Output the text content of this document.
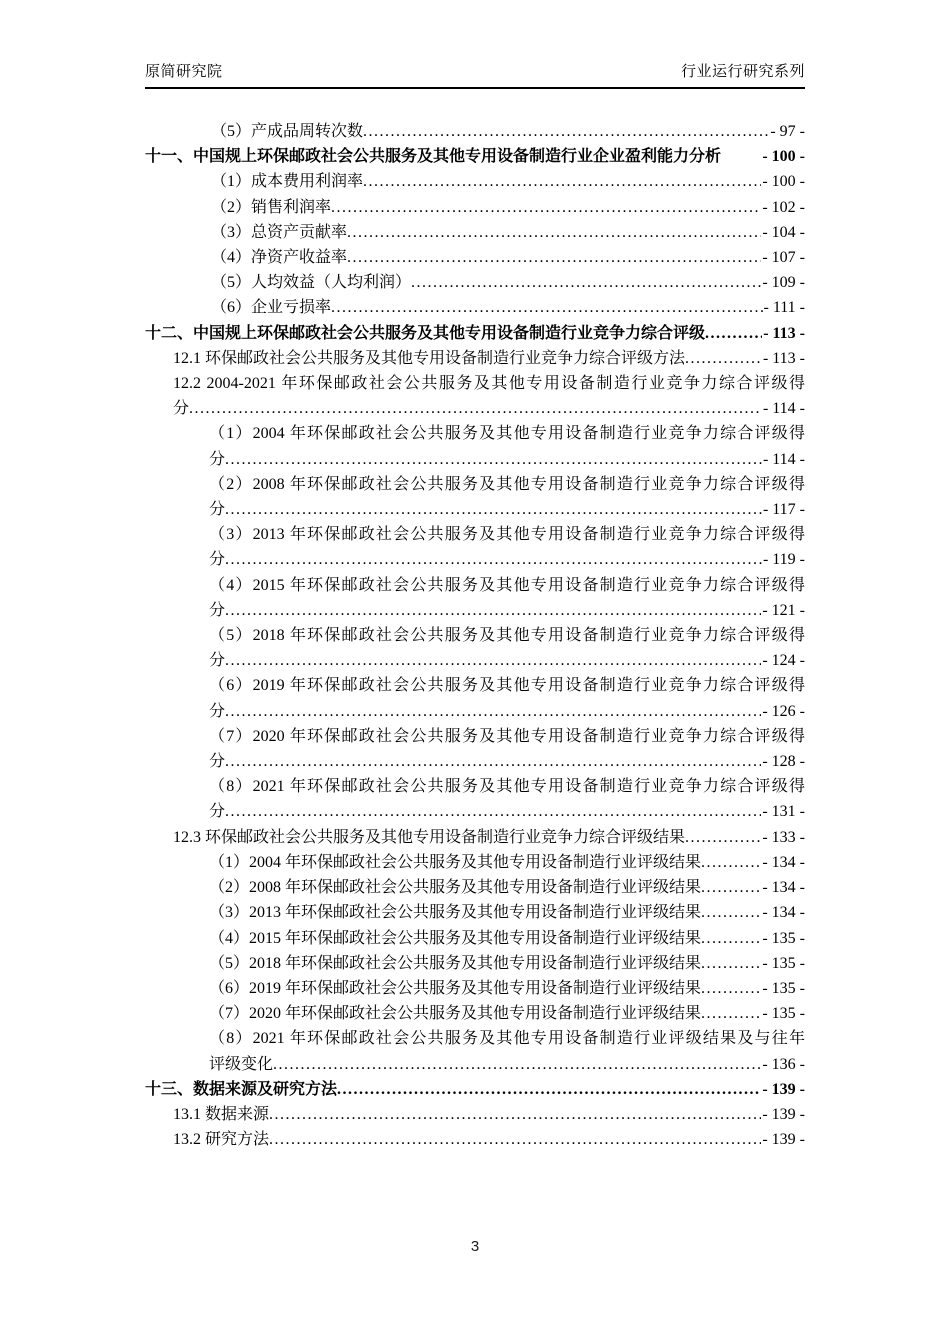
原简研究院	行业运行研究系列
（5）产成品周转次数 .....	- 97 -
十一、中国规上环保邮政社会公共服务及其他专用设备制造行业企业盈利能力分析	- 100 -
（1）成本费用利润率 .....	- 100 -
（2）销售利润率 .....	- 102 -
（3）总资产贡献率 .....	- 104 -
（4）净资产收益率 .....	- 107 -
（5）人均效益（人均利润） .....	- 109 -
（6）企业亏损率 .....	- 111 -
十二、中国规上环保邮政社会公共服务及其他专用设备制造行业竞争力综合评级 .....	- 113 -
12.1 环保邮政社会公共服务及其他专用设备制造行业竞争力综合评级方法 .....	- 113 -
12.2 2004-2021 年环保邮政社会公共服务及其他专用设备制造行业竞争力综合评级得
分 .....	- 114 -
（1）2004 年环保邮政社会公共服务及其他专用设备制造行业竞争力综合评级得
分 .....	- 114 -
（2）2008 年环保邮政社会公共服务及其他专用设备制造行业竞争力综合评级得
分 .....	- 117 -
（3）2013 年环保邮政社会公共服务及其他专用设备制造行业竞争力综合评级得
分 .....	- 119 -
（4）2015 年环保邮政社会公共服务及其他专用设备制造行业竞争力综合评级得
分 .....	- 121 -
（5）2018 年环保邮政社会公共服务及其他专用设备制造行业竞争力综合评级得
分 .....	- 124 -
（6）2019 年环保邮政社会公共服务及其他专用设备制造行业竞争力综合评级得
分 .....	- 126 -
（7）2020 年环保邮政社会公共服务及其他专用设备制造行业竞争力综合评级得
分 .....	- 128 -
（8）2021 年环保邮政社会公共服务及其他专用设备制造行业竞争力综合评级得
分 .....	- 131 -
12.3 环保邮政社会公共服务及其他专用设备制造行业竞争力综合评级结果 .....	- 133 -
（1）2004 年环保邮政社会公共服务及其他专用设备制造行业评级结果 .....	- 134 -
（2）2008 年环保邮政社会公共服务及其他专用设备制造行业评级结果 .....	- 134 -
（3）2013 年环保邮政社会公共服务及其他专用设备制造行业评级结果 .....	- 134 -
（4）2015 年环保邮政社会公共服务及其他专用设备制造行业评级结果 .....	- 135 -
（5）2018 年环保邮政社会公共服务及其他专用设备制造行业评级结果 .....	- 135 -
（6）2019 年环保邮政社会公共服务及其他专用设备制造行业评级结果 .....	- 135 -
（7）2020 年环保邮政社会公共服务及其他专用设备制造行业评级结果 .....	- 135 -
（8）2021 年环保邮政社会公共服务及其他专用设备制造行业评级结果及与往年
评级变化 .....	- 136 -
十三、数据来源及研究方法 .....	- 139 -
13.1 数据来源 .....	- 139 -
13.2 研究方法 .....	- 139 -
3
